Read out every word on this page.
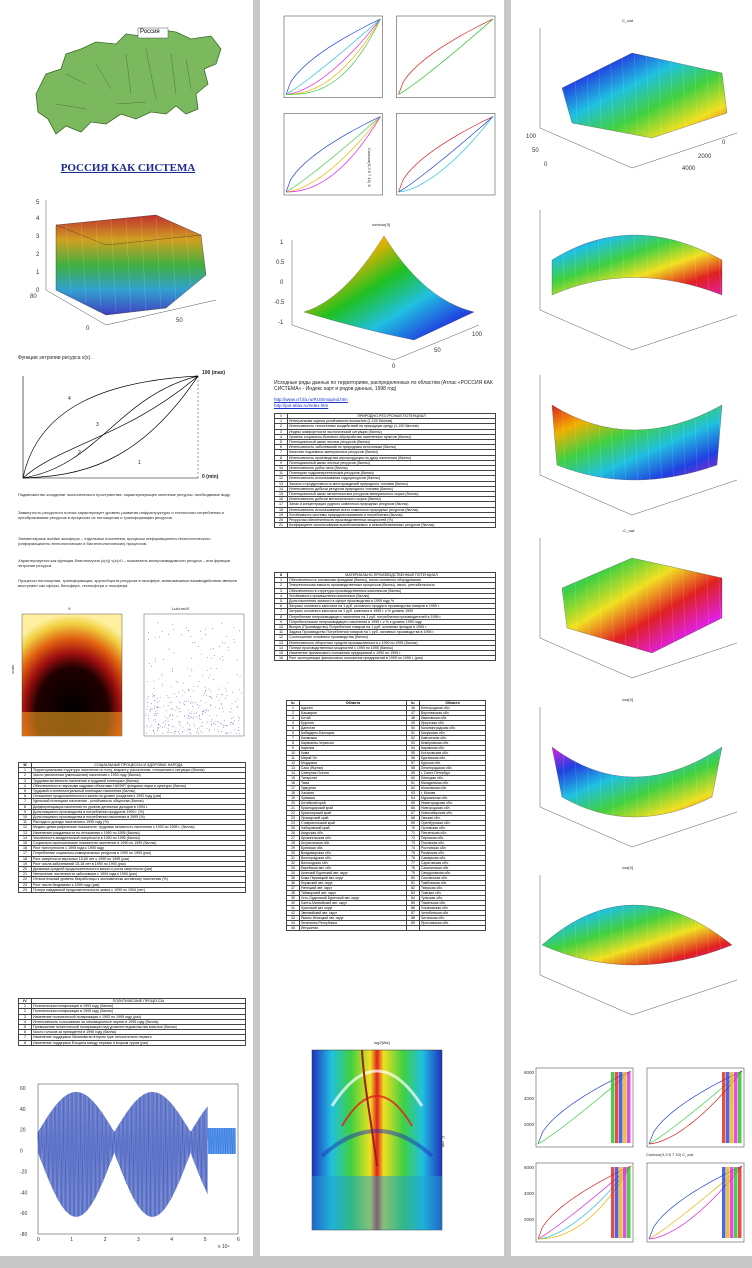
Россия
РОССИЯ КАК СИСТЕМА
5
4
3
2
1
0
80
0
50
Функции энтропии ресурса v(x).
100 (max)
0 (min)
1
2
3
4
Подмножество координат экологического пространства, характеризующее конечные ресурсы, необходимые виду.
Замкнутость ресурсного потока характеризует уровень развития инфраструктуры и технологии потребления и преобразования ресурсов в процессах их поглощения и трансформации ресурсов.
Элементарные ячейки экосферы – отдельные поселения, процессы информационно-технологического (информационно-технологических и биотехнологических) процессов.
Характеризуется как функция благополучия (v(x)) v(x)>0 – показатель воспроизводимости ресурса – или функция энтропии ресурса.
Процессы поглощения, трансформации, кругооборота ресурсов в экосфере, всевозможные взаимодействия звеньев выступают как сферы, биосфера, техносфера и ноосфера.
X
scale
Luid-mdX
III	СОЦИАЛЬНЫЕ ПРОЦЕССЫ И ЗДОРОВЬЕ НАРОДА
1	Территориальная структура населения по полу, возрасту, расселению, отношению к ситуации (баллы)
2	Число увеличения (уменьшения) населения с 1993 году (баллы)
3	Трудовая активность населения и трудовой потенциал (баллы)
4	Обеспеченность научными кадрами объектами НИОКР, фондами науки и культуры (баллы)
5	Трудовой и интеллектуальный потенциал населения (баллы)
6	Отношение продолжительности жизни на уровне рождения к 1992 году (раз)
7	Удельный потенциал населения - устойчивость общества (баллы)
8	Дифференциация населения по уровню денежных доходов в 1994 г.
9	Доля пищевого производства в потреблении продуктов 1993 г. (%)
10	Доля пищевого производства в потреблении населения в 1995 (%)
11	Расходы и доходы населения к 1995 году (%)
12	Медико-демографические показатели, трудовая активность населения к 1993 по 1995 г. (баллы)
13	Изменения рождаемости по отношению к 1990 по 1995 (баллы)
14	Численность младенческой смертности в 1990 по 1995 (баллы)
15	Социально-экономические показатели население в 1990 по 1995 (баллы)
16	Рост преступности с 1995 года к 1990 году
17	Потребление социально-коммунальных ресурсов в 1990 по 1995 (раз)
18	Рост смертности взрослых 15-65 лет с 1990 по 1995 (раз)
19	Рост числа заболеваний 15-18 лет в 1990 по 1993 (раз)
20	Динамика средней продолжительности жизни и роста смертности (раз)
21	Увеличение численности заболевших с 1994 года к 1990 (раз)
22	Относительный уровень безработицы к экономически активному населению (%)
23	Рост числа бездомных к 1995 году (раз)
24	Потеря ожидаемой продолжительности жизни с 1990 по 1994 (лет)
IV	ПОЛИТИЧЕСКИЕ ПРОЦЕССЫ
1	Политическая поляризация в 1993 году (баллы)
2	Политическая поляризация в 1995 году (баллы)
3	Изменение политической поляризации с 1993 по 1995 году (раз)
4	Интенсивность голосования за оппозиционные партии в 1995 году (баллы)
5	Превышение политической поляризации над уровнем недовольства властью (баллы)
6	Число голосов за президента в 1996 году (баллы)
7	Изменение поддержки Зюганова во втором туре относительно первого
8	Изменение поддержки Ельцина между первым и вторым туром (раз)
60
40
20
0
-20
-40
-60
-80
0	1	2	3	4	5	6
x 10⁴
Contour(X,3 5 7 10) X
contour[X]
1
0.5
0
-0.5
-1
0
50
100
Исходные ряды данных по территориям, распределенных по областям (Атлас «РОССИЯ КАК СИСТЕМА» - Индекс карт и рядов данных, 1998 год)
http://www.crf.ifa.ru/RUS/mapind.htm
http://pol-atlas.ru/index.htm
I	ПРИРОДНО-РЕСУРСНЫЙ ПОТЕНЦИАЛ
1	Интегральная оценка устойчивости экосистем (1-100 баллов)
2	Интенсивность техногенных воздействий на природную среду (1-100 баллов)
3	Индекс комфортности экологической ситуации (баллы)
4	Уровень социально-бытового обустройства населенных пунктов (баллы)
5	Потенциальный запас лесных ресурсов (баллы)
6	Интенсивность заболеваний по природным источникам (баллы)
7	Качество подземных минеральных ресурсов (баллы)
8	Интенсивность производства агропродукции на душу населения (баллы)
9	Потенциальный запас лесных ресурсов (баллы)
10	Интенсивность рубок леса (баллы)
11	Потенциал гидроэнергетических ресурсов (баллы)
12	Интенсивность использования гидроресурсов (баллы)
13	Запасы и продуктивность месторождений природного топлива (баллы)
14	Интенсивность добычи ресурсов природного топлива (баллы)
15	Потенциальный запас металлических ресурсов минерального сырья (баллы)
16	Интенсивность добычи металлического сырья (баллы)
17	Запас и концентрация рудного комплекса природных ресурсов (баллы)
18	Интенсивность использования всего комплекса природных ресурсов (баллы)
19	Устойчивость системы природопользования и потребления (баллы)
20	Ресурсная обеспеченность производственных мощностей (%)
21	Коэффициент использования возобновляемых и невозобновляемых ресурсов (баллы)
II	МАТЕРИАЛЬНО-ПРОИЗВОДСТВЕННЫЙ ПОТЕНЦИАЛ
1	Обеспеченность основными фондами (баллы), износ основного оборудования
2	Энергетическая емкость производственных процессов (баллы), износ, рентабельность
3	Обеспеченность структуры производственных комплексов (баллы)
4	Устойчивость промышленно-комплекса (баллы)
5	Доля населения занятого в сфере производства в 1995 году %
6	Затраты основного капитала на 1 руб. основного продукта производства товаров в 1995 г.
7	Затраты основного капитала на 1 руб. капитала в 1995 г. к % уровню 1990
8	Потребление непроизводящего населения на 1 руб. потребления производителей в 1995 г.
9	Потребительские непроизводящего населения в 1995 г. к % к уровню 1990 году
10	Выпуск (Производство) Потребления товаров на 1 руб. основных фондов в 1995 г.
11	Задача Производство Потребления товаров на 1 руб. основных производства в 1995 г.
12	Соотношение основного производства (баллы)
13	Интенсивность оборотных средств промышленности с 1990 по 1995 (баллы)
14	Потери производственных мощностей с 1990 по 1995 (баллы)
15	Изменение финансового положения предприятий с 1990 по 1995 г.
16	Рост эксплуатации финансового положения предприятий в 1995 по 1995 г. (раз)
№	Области	№	Области
1	Адыгея	46	Белгородская обл.
2	Башкирия	47	Воронежская обл.
3	Алтай	48	Ивановская обл.
4	Бурятия	49	Иркутская обл.
5	Дагестан	50	Калининградская обл.
6	Кабардино-Балкария	51	Калужская обл.
7	Калмыкия	52	Камчатская обл.
8	Карачаево-Черкесия	53	Кемеровская обл.
9	Карелия	54	Кировская обл.
10	Коми	55	Костромская обл.
11	Марий Эл	56	Курганская обл.
12	Мордовия	57	Курская обл.
13	Саха (Якутия)	58	Ленинградская обл.
14	Северная Осетия	59	г. Санкт-Петербург
15	Татарстан	60	Липецкая обл.
16	Тыва	61	Магаданская обл.
17	Удмуртия	62	Московская обл.
18	Хакасия	63	г. Москва
19	Чувашия	64	Мурманская обл.
20	Алтайский край	65	Нижегородская обл.
21	Краснодарский край	66	Новгородская обл.
22	Красноярский край	67	Новосибирская обл.
23	Приморский край	68	Омская обл.
24	Ставропольский край	69	Оренбургская обл.
25	Хабаровский край	70	Орловская обл.
26	Амурская обл.	71	Пензенская обл.
27	Архангельская обл.	72	Пермская обл.
28	Астраханская обл.	73	Псковская обл.
29	Брянская обл.	74	Ростовская обл.
30	Владимирская обл.	75	Рязанская обл.
31	Волгоградская обл.	76	Самарская обл.
32	Вологодская обл.	77	Саратовская обл.
33	Еврейская авт. обл.	78	Сахалинская обл.
34	Агинский Бурятский авт. округ	79	Свердловская обл.
35	Коми-Пермяцкий авт. округ	80	Смоленская обл.
36	Корякский авт. округ	81	Тамбовская обл.
37	Ненецкий авт. округ	82	Тверская обл.
38	Таймырский авт. округ	83	Томская обл.
39	Усть-Ордынский Бурятский авт. округ	84	Тульская обл.
40	Ханты-Мансийский авт. округ	85	Тюменская обл.
41	Чукотский авт. округ	86	Ульяновская обл.
42	Эвенкийский авт. округ	87	Челябинская обл.
43	Ямало-Ненецкий авт. округ	88	Читинская обл.
44	Чеченская Республика	89	Ярославская обл.
45	Ингушетия		
log2[Wa]
C_cwt
C_cwt
100
50
0
4000
2000
0
-C_cwt
cos[X]
cos[X]
6000
4000
2000
6000
4000
2000
Contour(X,3 5 7 10) C_cwt
